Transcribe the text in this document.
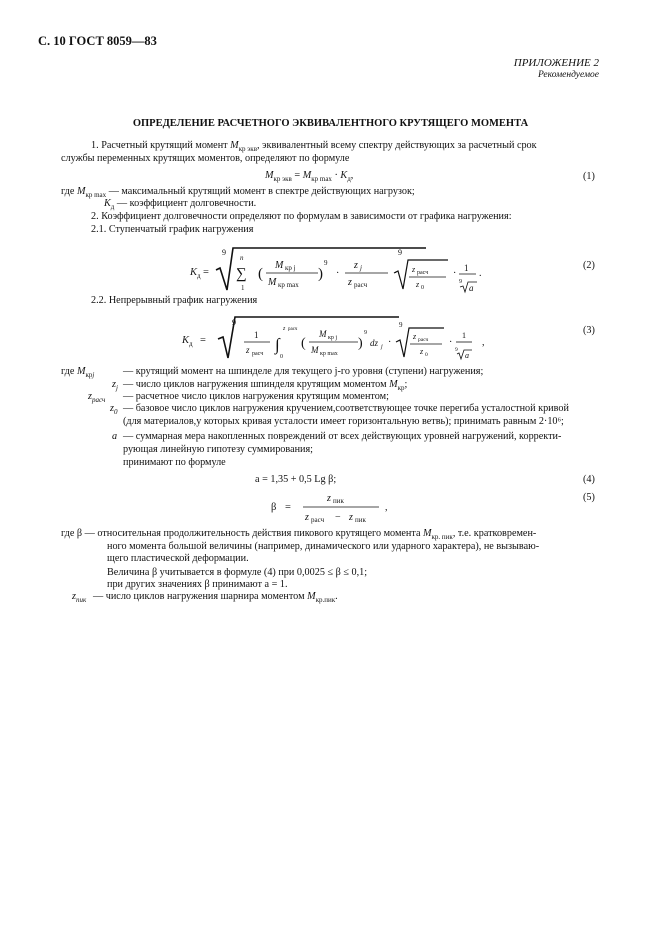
С. 10 ГОСТ 8059—83
ПРИЛОЖЕНИЕ 2
Рекомендуемое
ОПРЕДЕЛЕНИЕ РАСЧЕТНОГО ЭКВИВАЛЕНТНОГО КРУТЯЩЕГО МОМЕНТА
1. Расчетный крутящий момент $M_{кр экв}$, эквивалентный всему спектру действующих за расчетный срок
службы переменных крутящих моментов, определяют по формуле
$M_{кр экв} = M_{кр max} \cdot K_д$,	(1)
где $M_{кр max}$ — максимальный крутящий момент в спектре действующих нагрузок;
$K_д$ — коэффициент долговечности.
2. Коэффициент долговечности определяют по формулам в зависимости от графика нагружения:
2.1. Ступенчатый график нагружения
K д =
9
∑
n
1
(
M кр j
M кр max
)
9
·
z j
z расч
·
9
z расч
z 0
· 1
9
a
.
(2)
2.2. Непрерывный график нагружения
K д =
9
1
z расч ∫
z расч
0
(
M кр j
M кр max
)
9
dz j ·
9
z расч
z 0
·
1
9
a
,
(3)
где $M_{крj}$	— крутящий момент на шпинделе для текущего j-го уровня (ступени) нагружения;
$z_j$ — число циклов нагружения шпинделя крутящим моментом $M_{кр}$;
$z_{расч}$ — расчетное число циклов нагружения крутящим моментом;
$z_0$ — базовое число циклов нагружения кручением,соответствующее точке перегиба усталостной кривой
(для материалов,у которых кривая усталости имеет горизонтальную ветвь); принимать равным 2·10⁶;
a — суммарная мера накопленных повреждений от всех действующих уровней нагружений, корректи-
рующая линейную гипотезу суммирования;
принимают по формуле
a = 1,35 + 0,5 Lg β;	(4)
β =
z пик
z расч − z пик
,
(5)
где β — относительная продолжительность действия пикового крутящего момента $M_{кр. пик}$, т.е. кратковремен-
ного момента большой величины (например, динамического или ударного характера), не вызываю-
щего пластической деформации.
Величина β учитывается в формуле (4) при 0,0025 ≤ β ≤ 0,1;
при других значениях β принимают a = 1.
$z_{пик}$ — число циклов нагружения шарнира моментом $M_{кр.пик}$.
